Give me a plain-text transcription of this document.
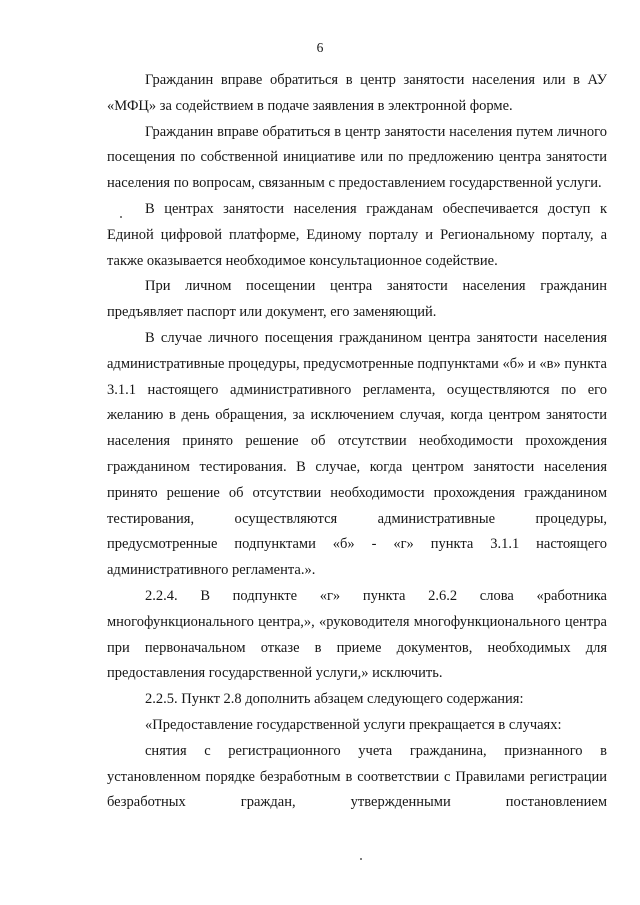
6

Гражданин вправе обратиться в центр занятости населения или в АУ «МФЦ» за содействием в подаче заявления в электронной форме.

Гражданин вправе обратиться в центр занятости населения путем личного посещения по собственной инициативе или по предложению центра занятости населения по вопросам, связанным с предоставлением государственной услуги.

В центрах занятости населения гражданам обеспечивается доступ к Единой цифровой платформе, Единому порталу и Региональному порталу, а также оказывается необходимое консультационное содействие.

При личном посещении центра занятости населения гражданин предъявляет паспорт или документ, его заменяющий.

В случае личного посещения гражданином центра занятости населения административные процедуры, предусмотренные подпунктами «б» и «в» пункта 3.1.1 настоящего административного регламента, осуществляются по его желанию в день обращения, за исключением случая, когда центром занятости населения принято решение об отсутствии необходимости прохождения гражданином тестирования. В случае, когда центром занятости населения принято решение об отсутствии необходимости прохождения гражданином тестирования, осуществляются административные процедуры, предусмотренные подпунктами «б» - «г» пункта 3.1.1 настоящего административного регламента.».

2.2.4. В подпункте «г» пункта 2.6.2 слова «работника многофункционального центра,», «руководителя многофункционального центра при первоначальном отказе в приеме документов, необходимых для предоставления государственной услуги,» исключить.

2.2.5. Пункт 2.8 дополнить абзацем следующего содержания:

«Предоставление государственной услуги прекращается в случаях:

снятия с регистрационного учета гражданина, признанного в установленном порядке безработным в соответствии с Правилами регистрации безработных граждан, утвержденными постановлением
